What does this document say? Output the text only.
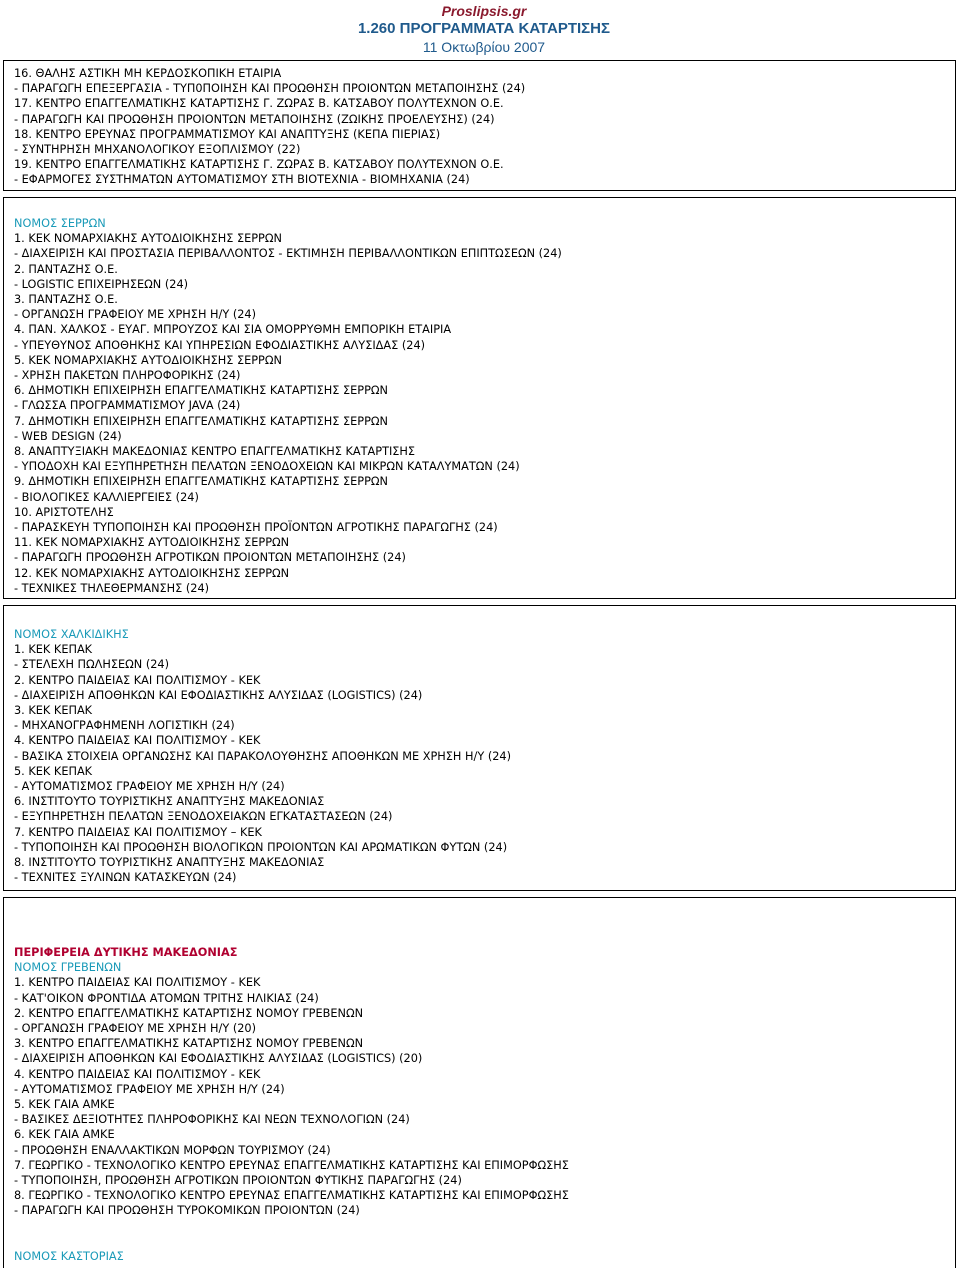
Proslipsis.gr
1.260 ΠΡΟΓΡΑΜΜΑΤΑ ΚΑΤΑΡΤΙΣΗΣ
11 Οκτωβρίου 2007
16. ΘΑΛΗΣ ΑΣΤΙΚΗ ΜΗ ΚΕΡΔΟΣΚΟΠΙΚΗ ΕΤΑΙΡΙΑ
- ΠΑΡΑΓΩΓΗ ΕΠΕΞΕΡΓΑΣΙΑ - ΤΥΠ0ΠΟΙΗΣΗ ΚΑΙ ΠΡΟΩΘΗΣΗ ΠΡΟΙΟΝΤΩΝ ΜΕΤΑΠΟΙΗΣΗΣ (24)
17. ΚΕΝΤΡΟ ΕΠΑΓΓΕΛΜΑΤΙΚΗΣ ΚΑΤΑΡΤΙΣΗΣ Γ. ΖΩΡΑΣ Β. ΚΑΤΣΑΒΟΥ ΠΟΛΥΤΕΧΝΟΝ Ο.Ε.
- ΠΑΡΑΓΩΓΗ ΚΑΙ ΠΡΟΩΘΗΣΗ ΠΡΟΙΟΝΤΩΝ ΜΕΤΑΠΟΙΗΣΗΣ (ΖΩΙΚΗΣ ΠΡΟΕΛΕΥΣΗΣ) (24)
18. ΚΕΝΤΡΟ ΕΡΕΥΝΑΣ ΠΡΟΓΡΑΜΜΑΤΙΣΜΟΥ ΚΑΙ ΑΝΑΠΤΥΞΗΣ (ΚΕΠΑ ΠΙΕΡΙΑΣ)
- ΣΥΝΤΗΡΗΣΗ ΜΗΧΑΝΟΛΟΓΙΚΟΥ ΕΞΟΠΛΙΣΜΟΥ (22)
19. ΚΕΝΤΡΟ ΕΠΑΓΓΕΛΜΑΤΙΚΗΣ ΚΑΤΑΡΤΙΣΗΣ Γ. ΖΩΡΑΣ Β. ΚΑΤΣΑΒΟΥ ΠΟΛΥΤΕΧΝΟΝ Ο.Ε.
- ΕΦΑΡΜΟΓΕΣ ΣΥΣΤΗΜΑΤΩΝ ΑΥΤΟΜΑΤΙΣΜΟΥ ΣΤΗ ΒΙΟΤΕΧΝΙΑ - ΒΙΟΜΗΧΑΝΙΑ (24)
ΝΟΜΟΣ ΣΕΡΡΩΝ
1. ΚΕΚ ΝΟΜΑΡΧΙΑΚΗΣ ΑΥΤΟΔΙΟΙΚΗΣΗΣ ΣΕΡΡΩΝ
- ΔΙΑΧΕΙΡΙΣΗ ΚΑΙ ΠΡΟΣΤΑΣΙΑ ΠΕΡΙΒΑΛΛΟΝΤΟΣ - ΕΚΤΙΜΗΣΗ ΠΕΡΙΒΑΛΛΟΝΤΙΚΩΝ ΕΠΙΠΤΩΣΕΩΝ (24)
2. ΠΑΝΤΑΖΗΣ Ο.Ε.
- LOGISTIC ΕΠΙΧΕΙΡΗΣΕΩΝ (24)
3. ΠΑΝΤΑΖΗΣ Ο.Ε.
- ΟΡΓΑΝΩΣΗ ΓΡΑΦΕΙΟΥ ΜΕ ΧΡΗΣΗ Η/Υ (24)
4. ΠΑΝ. ΧΑΛΚΟΣ - ΕΥΑΓ. ΜΠΡΟΥΖΟΣ ΚΑΙ ΣΙΑ ΟΜΟΡΡΥΘΜΗ ΕΜΠΟΡΙΚΗ ΕΤΑΙΡΙΑ
- ΥΠΕΥΘΥΝΟΣ ΑΠΟΘΗΚΗΣ ΚΑΙ ΥΠΗΡΕΣΙΩΝ ΕΦΟΔΙΑΣΤΙΚΗΣ ΑΛΥΣΙΔΑΣ (24)
5. ΚΕΚ ΝΟΜΑΡΧΙΑΚΗΣ ΑΥΤΟΔΙΟΙΚΗΣΗΣ ΣΕΡΡΩΝ
- ΧΡΗΣΗ ΠΑΚΕΤΩΝ ΠΛΗΡΟΦΟΡΙΚΗΣ (24)
6. ΔΗΜΟΤΙΚΗ ΕΠΙΧΕΙΡΗΣΗ ΕΠΑΓΓΕΛΜΑΤΙΚΗΣ ΚΑΤΑΡΤΙΣΗΣ ΣΕΡΡΩΝ
- ΓΛΩΣΣΑ ΠΡΟΓΡΑΜΜΑΤΙΣΜΟΥ JAVA (24)
7. ΔΗΜΟΤΙΚΗ ΕΠΙΧΕΙΡΗΣΗ ΕΠΑΓΓΕΛΜΑΤΙΚΗΣ ΚΑΤΑΡΤΙΣΗΣ ΣΕΡΡΩΝ
- WEB DESIGN (24)
8. ΑΝΑΠΤΥΞΙΑΚΗ ΜΑΚΕΔΟΝΙΑΣ ΚΕΝΤΡΟ ΕΠΑΓΓΕΛΜΑΤΙΚΗΣ ΚΑΤΑΡΤΙΣΗΣ
- ΥΠΟΔΟΧΗ ΚΑΙ ΕΞΥΠΗΡΕΤΗΣΗ ΠΕΛΑΤΩΝ ΞΕΝΟΔΟΧΕΙΩΝ ΚΑΙ ΜΙΚΡΩΝ ΚΑΤΑΛΥΜΑΤΩΝ (24)
9. ΔΗΜΟΤΙΚΗ ΕΠΙΧΕΙΡΗΣΗ ΕΠΑΓΓΕΛΜΑΤΙΚΗΣ ΚΑΤΑΡΤΙΣΗΣ ΣΕΡΡΩΝ
- ΒΙΟΛΟΓΙΚΕΣ ΚΑΛΛΙΕΡΓΕΙΕΣ (24)
10. ΑΡΙΣΤΟΤΕΛΗΣ
- ΠΑΡΑΣΚΕΥΗ ΤΥΠΟΠΟΙΗΣΗ ΚΑΙ ΠΡΟΩΘΗΣΗ ΠΡΟΪΟΝΤΩΝ ΑΓΡΟΤΙΚΗΣ ΠΑΡΑΓΩΓΗΣ (24)
11. ΚΕΚ ΝΟΜΑΡΧΙΑΚΗΣ ΑΥΤΟΔΙΟΙΚΗΣΗΣ ΣΕΡΡΩΝ
- ΠΑΡΑΓΩΓΗ ΠΡΟΩΘΗΣΗ ΑΓΡΟΤΙΚΩΝ ΠΡΟΙΟΝΤΩΝ ΜΕΤΑΠΟΙΗΣΗΣ (24)
12. ΚΕΚ ΝΟΜΑΡΧΙΑΚΗΣ ΑΥΤΟΔΙΟΙΚΗΣΗΣ ΣΕΡΡΩΝ
- ΤΕΧΝΙΚΕΣ ΤΗΛΕΘΕΡΜΑΝΣΗΣ (24)
ΝΟΜΟΣ ΧΑΛΚΙΔΙΚΗΣ
1. ΚΕΚ ΚΕΠΑΚ
- ΣΤΕΛΕΧΗ ΠΩΛΗΣΕΩΝ (24)
2. ΚΕΝΤΡΟ ΠΑΙΔΕΙΑΣ ΚΑΙ ΠΟΛΙΤΙΣΜΟΥ - ΚΕΚ
- ΔΙΑΧΕΙΡΙΣΗ ΑΠΟΘΗΚΩΝ ΚΑΙ ΕΦΟΔΙΑΣΤΙΚΗΣ ΑΛΥΣΙΔΑΣ (LOGISTICS) (24)
3. ΚΕΚ ΚΕΠΑΚ
- ΜΗΧΑΝΟΓΡΑΦΗΜΕΝΗ ΛΟΓΙΣΤΙΚΗ (24)
4. ΚΕΝΤΡΟ ΠΑΙΔΕΙΑΣ ΚΑΙ ΠΟΛΙΤΙΣΜΟΥ - ΚΕΚ
- ΒΑΣΙΚΑ ΣΤΟΙΧΕΙΑ ΟΡΓΑΝΩΣΗΣ ΚΑΙ ΠΑΡΑΚΟΛΟΥΘΗΣΗΣ ΑΠΟΘΗΚΩΝ ΜΕ ΧΡΗΣΗ Η/Υ (24)
5. ΚΕΚ ΚΕΠΑΚ
- ΑΥΤΟΜΑΤΙΣΜΟΣ ΓΡΑΦΕΙΟΥ ΜΕ ΧΡΗΣΗ Η/Υ (24)
6. ΙΝΣΤΙΤΟΥΤΟ ΤΟΥΡΙΣΤΙΚΗΣ ΑΝΑΠΤΥΞΗΣ ΜΑΚΕΔΟΝΙΑΣ
- ΕΞΥΠΗΡΕΤΗΣΗ ΠΕΛΑΤΩΝ ΞΕΝΟΔΟΧΕΙΑΚΩΝ ΕΓΚΑΤΑΣΤΑΣΕΩΝ (24)
7. ΚΕΝΤΡΟ ΠΑΙΔΕΙΑΣ ΚΑΙ ΠΟΛΙΤΙΣΜΟΥ – ΚΕΚ
- ΤΥΠΟΠΟΙΗΣΗ ΚΑΙ ΠΡΟΩΘΗΣΗ ΒΙΟΛΟΓΙΚΩΝ ΠΡΟΙΟΝΤΩΝ ΚΑΙ ΑΡΩΜΑΤΙΚΩΝ ΦΥΤΩΝ (24)
8. ΙΝΣΤΙΤΟΥΤΟ ΤΟΥΡΙΣΤΙΚΗΣ ΑΝΑΠΤΥΞΗΣ ΜΑΚΕΔΟΝΙΑΣ
- ΤΕΧΝΙΤΕΣ ΞΥΛΙΝΩΝ ΚΑΤΑΣΚΕΥΩΝ (24)
ΠΕΡΙΦΕΡΕΙΑ ΔΥΤΙΚΗΣ ΜΑΚΕΔΟΝΙΑΣ
ΝΟΜΟΣ ΓΡΕΒΕΝΩΝ
1. ΚΕΝΤΡΟ ΠΑΙΔΕΙΑΣ ΚΑΙ ΠΟΛΙΤΙΣΜΟΥ - ΚΕΚ
- ΚΑΤ'ΟΙΚΟΝ ΦΡΟΝΤΙΔΑ ΑΤΟΜΩΝ ΤΡΙΤΗΣ ΗΛΙΚΙΑΣ (24)
2. ΚΕΝΤΡΟ ΕΠΑΓΓΕΛΜΑΤΙΚΗΣ ΚΑΤΑΡΤΙΣΗΣ ΝΟΜΟΥ ΓΡΕΒΕΝΩΝ
- ΟΡΓΑΝΩΣΗ ΓΡΑΦΕΙΟΥ ΜΕ ΧΡΗΣΗ Η/Υ (20)
3. ΚΕΝΤΡΟ ΕΠΑΓΓΕΛΜΑΤΙΚΗΣ ΚΑΤΑΡΤΙΣΗΣ ΝΟΜΟΥ ΓΡΕΒΕΝΩΝ
- ΔΙΑΧΕΙΡΙΣΗ ΑΠΟΘΗΚΩΝ ΚΑΙ ΕΦΟΔΙΑΣΤΙΚΗΣ ΑΛΥΣΙΔΑΣ (LOGISTICS) (20)
4. ΚΕΝΤΡΟ ΠΑΙΔΕΙΑΣ ΚΑΙ ΠΟΛΙΤΙΣΜΟΥ - ΚΕΚ
- ΑΥΤΟΜΑΤΙΣΜΟΣ ΓΡΑΦΕΙΟΥ ΜΕ ΧΡΗΣΗ Η/Υ (24)
5. ΚΕΚ ΓΑΙΑ ΑΜΚΕ
- ΒΑΣΙΚΕΣ ΔΕΞΙΟΤΗΤΕΣ ΠΛΗΡΟΦΟΡΙΚΗΣ ΚΑΙ ΝΕΩΝ ΤΕΧΝΟΛΟΓΙΩΝ (24)
6. ΚΕΚ ΓΑΙΑ ΑΜΚΕ
- ΠΡΟΩΘΗΣΗ ΕΝΑΛΛΑΚΤΙΚΩΝ ΜΟΡΦΩΝ ΤΟΥΡΙΣΜΟΥ (24)
7. ΓΕΩΡΓΙΚΟ - ΤΕΧΝΟΛΟΓΙΚΟ ΚΕΝΤΡΟ ΕΡΕΥΝΑΣ ΕΠΑΓΓΕΛΜΑΤΙΚΗΣ ΚΑΤΑΡΤΙΣΗΣ ΚΑΙ ΕΠΙΜΟΡΦΩΣΗΣ
- ΤΥΠΟΠΟΙΗΣΗ, ΠΡΟΩΘΗΣΗ ΑΓΡΟΤΙΚΩΝ ΠΡΟΙΟΝΤΩΝ ΦΥΤΙΚΗΣ ΠΑΡΑΓΩΓΗΣ (24)
8. ΓΕΩΡΓΙΚΟ - ΤΕΧΝΟΛΟΓΙΚΟ ΚΕΝΤΡΟ ΕΡΕΥΝΑΣ ΕΠΑΓΓΕΛΜΑΤΙΚΗΣ ΚΑΤΑΡΤΙΣΗΣ ΚΑΙ ΕΠΙΜΟΡΦΩΣΗΣ
- ΠΑΡΑΓΩΓΗ ΚΑΙ ΠΡΟΩΘΗΣΗ ΤΥΡΟΚΟΜΙΚΩΝ ΠΡΟΙΟΝΤΩΝ (24)
ΝΟΜΟΣ ΚΑΣΤΟΡΙΑΣ
